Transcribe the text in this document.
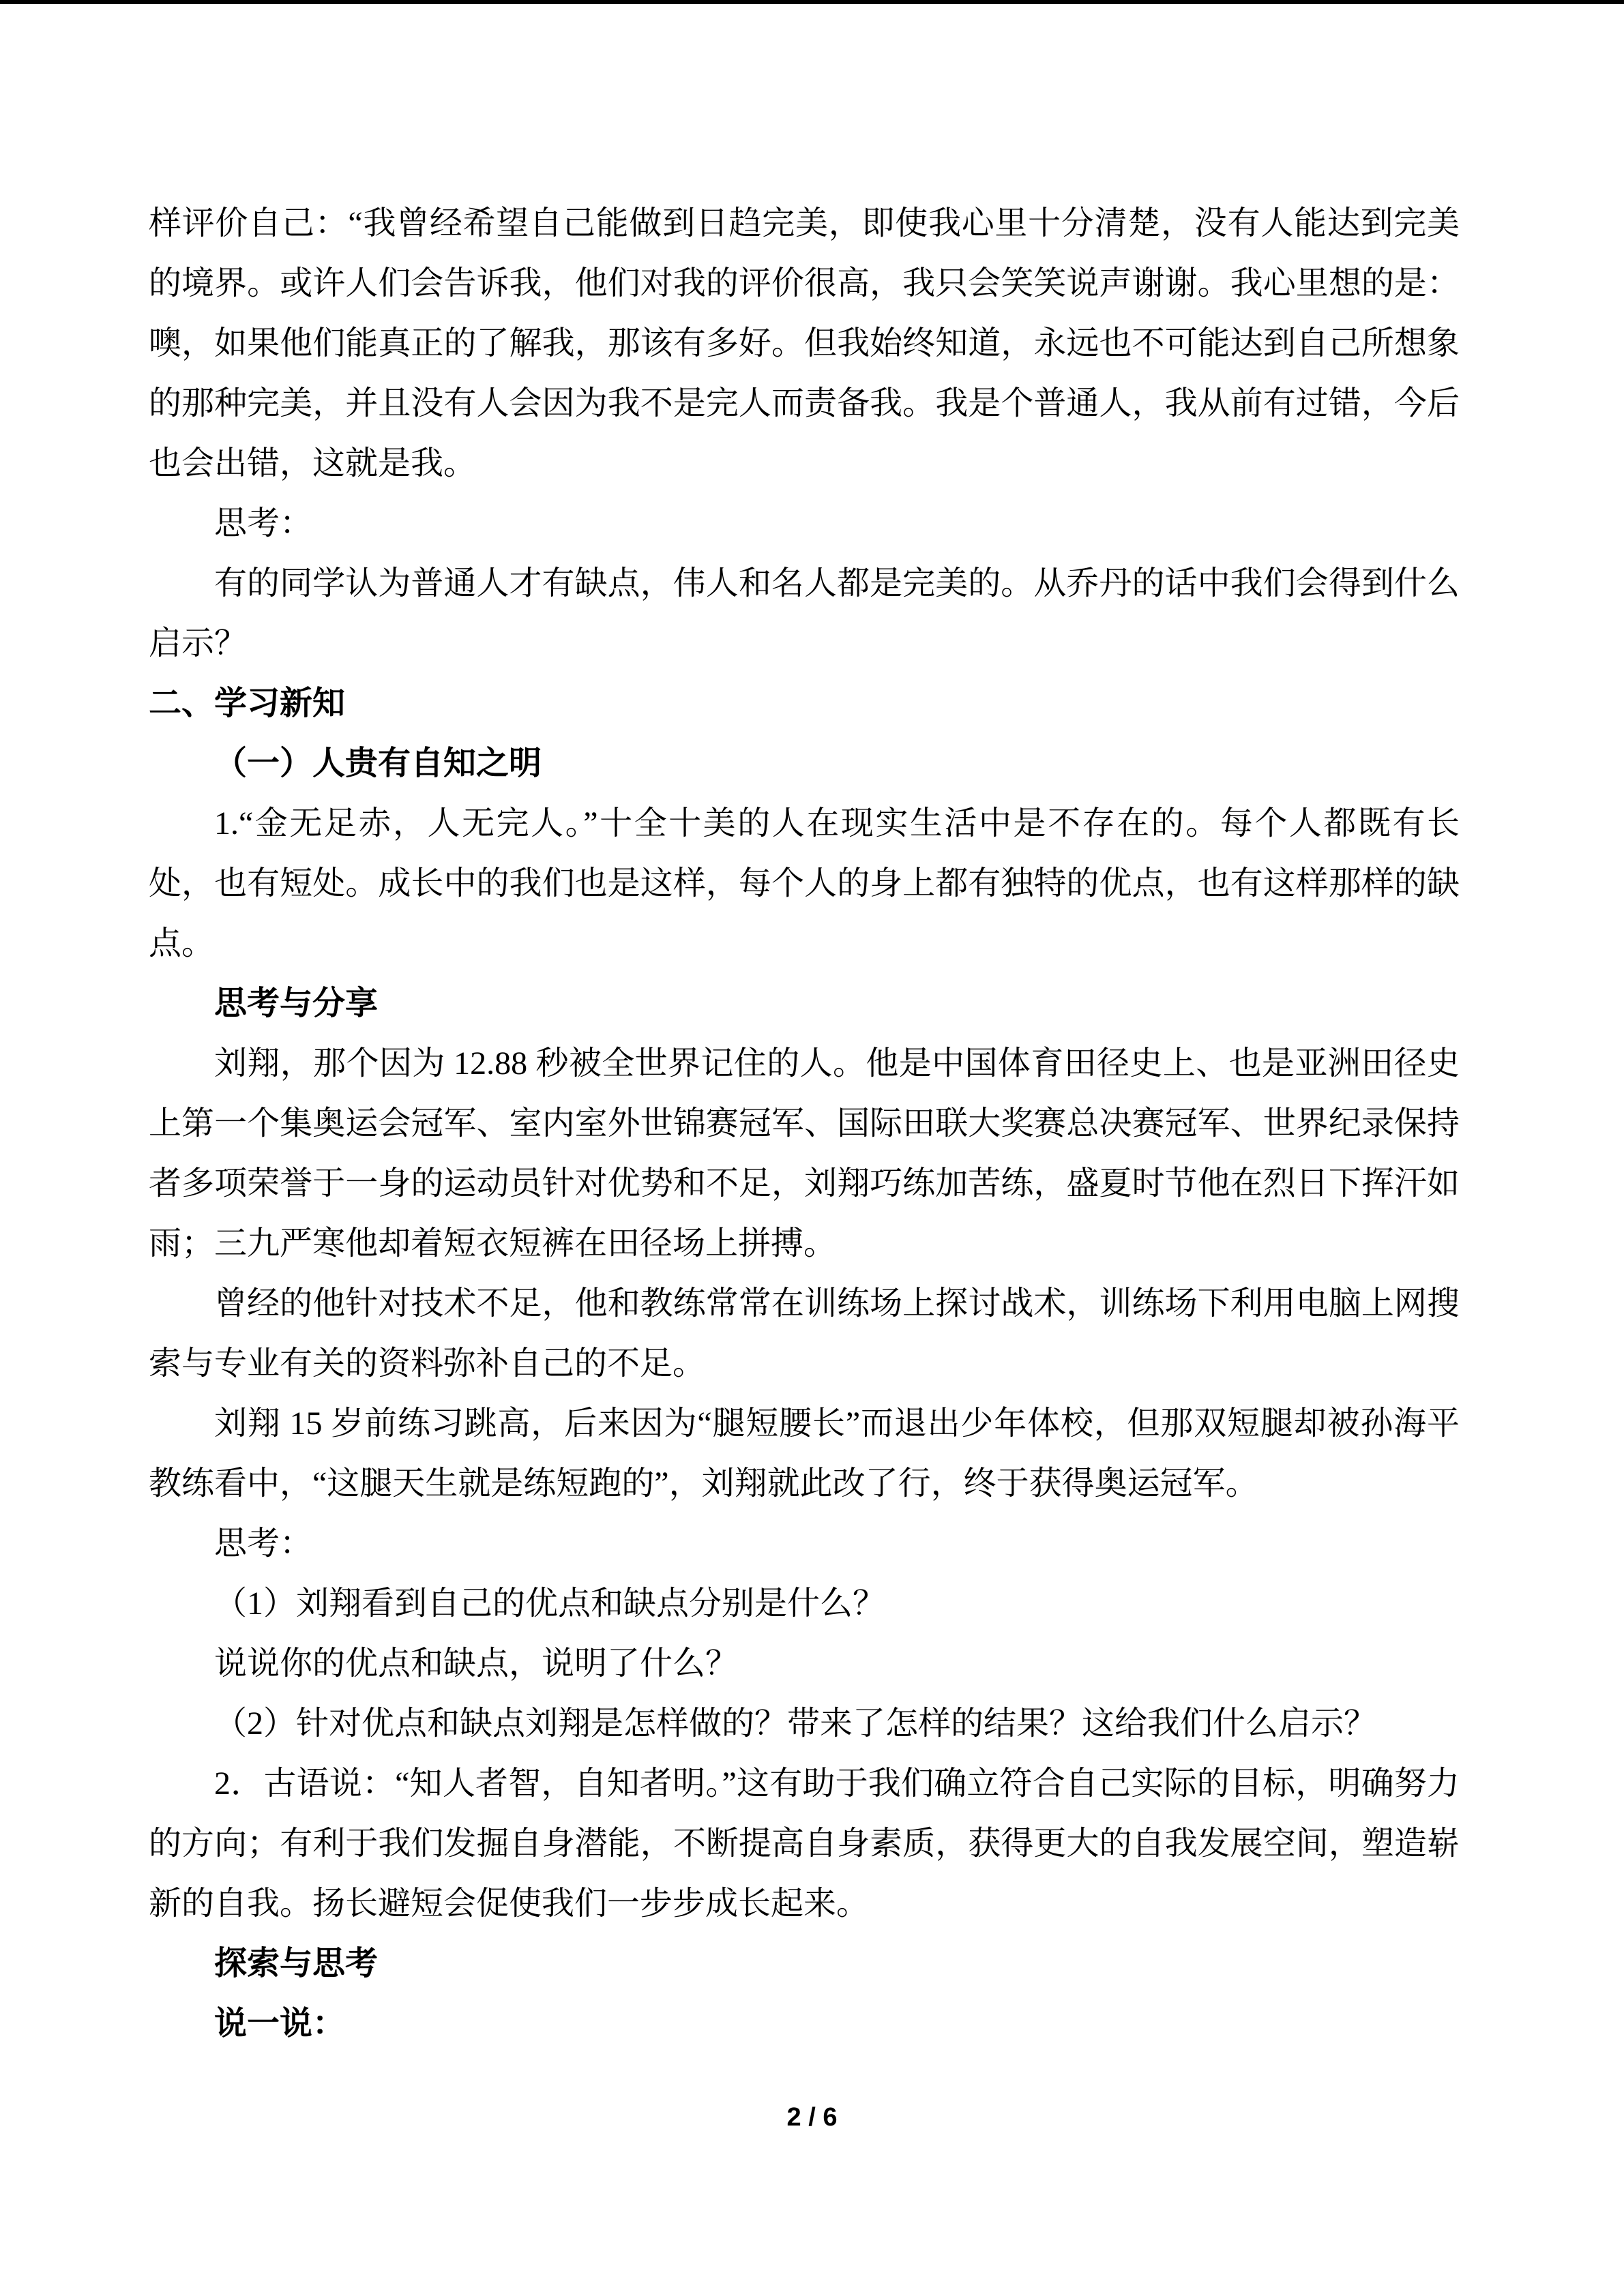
样评价自己：“我曾经希望自己能做到日趋完美，即使我心里十分清楚，没有人能达到完美的境界。或许人们会告诉我，他们对我的评价很高，我只会笑笑说声谢谢。我心里想的是：噢，如果他们能真正的了解我，那该有多好。但我始终知道，永远也不可能达到自己所想象的那种完美，并且没有人会因为我不是完人而责备我。我是个普通人，我从前有过错，今后也会出错，这就是我。

思考：

有的同学认为普通人才有缺点，伟人和名人都是完美的。从乔丹的话中我们会得到什么启示？

二、学习新知

（一）人贵有自知之明

1.“金无足赤，人无完人。”十全十美的人在现实生活中是不存在的。每个人都既有长处，也有短处。成长中的我们也是这样，每个人的身上都有独特的优点，也有这样那样的缺点。

思考与分享

刘翔，那个因为 12.88 秒被全世界记住的人。他是中国体育田径史上、也是亚洲田径史上第一个集奥运会冠军、室内室外世锦赛冠军、国际田联大奖赛总决赛冠军、世界纪录保持者多项荣誉于一身的运动员针对优势和不足，刘翔巧练加苦练，盛夏时节他在烈日下挥汗如雨；三九严寒他却着短衣短裤在田径场上拼搏。

曾经的他针对技术不足，他和教练常常在训练场上探讨战术，训练场下利用电脑上网搜索与专业有关的资料弥补自己的不足。

刘翔 15 岁前练习跳高，后来因为“腿短腰长”而退出少年体校，但那双短腿却被孙海平教练看中，“这腿天生就是练短跑的”，刘翔就此改了行，终于获得奥运冠军。

思考：

（1）刘翔看到自己的优点和缺点分别是什么？

说说你的优点和缺点，说明了什么？

（2）针对优点和缺点刘翔是怎样做的？带来了怎样的结果？这给我们什么启示？

2．古语说：“知人者智，自知者明。”这有助于我们确立符合自己实际的目标，明确努力的方向；有利于我们发掘自身潜能，不断提高自身素质，获得更大的自我发展空间，塑造崭新的自我。扬长避短会促使我们一步步成长起来。

探索与思考

说一说：

2 / 6
